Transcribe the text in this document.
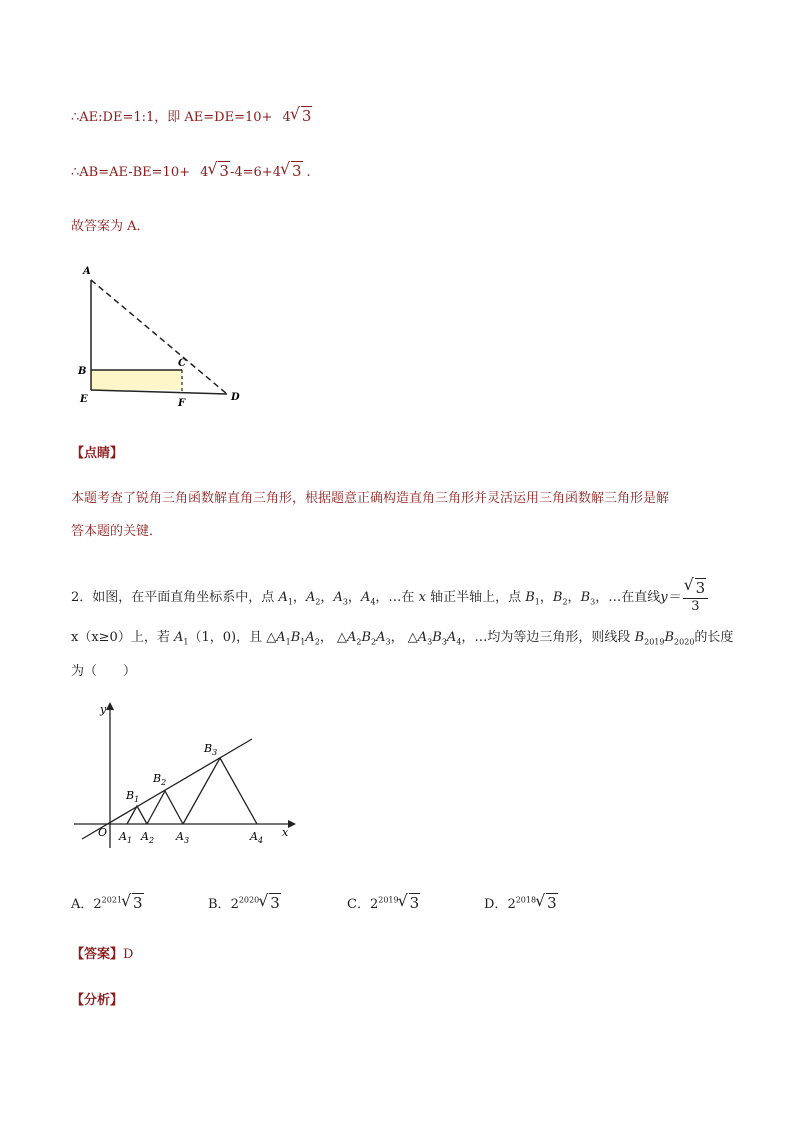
∴AE:DE=1:1，即 AE=DE=10+ 4√ 3
∴AB=AE-BE=10+ 4√ 3-4=6+4√ 3 .
故答案为 A．
A
B
C
E	F
D
【点睛】
本题考查了锐角三角函数解直角三角形，根据题意正确构造直角三角形并灵活运用三角函数解三角形是解
答本题的关键．
2．如图，在平面直角坐标系中，点 $A_1$，$A_2$，$A_3$，$A_4$，…在 x 轴正半轴上，点 $B_1$，$B_2$，$B_3$，…在直线y＝
√ $\frac{3}{3}$
x（x≥0）上，若 $A_1(1$，0)，且 $\triangle A_1B_1A_2$， $\triangle A_2B_2A_3$， $\triangle A_3B_3A_4$，…均为等边三角形，则线段 $B_{2019}B_{2020}$的长度
为（　　）
y
x
O $A_1$ $A_2$ $A_3$	$A_4$
$B_1$
$B_2$
$B_3$
A．$2^{2021}√$ 3	B．$2^{2020}√$ 3	C．$2^{2019}√$ 3	D．$2^{2018}√$ 3
【答案】D
【分析】
